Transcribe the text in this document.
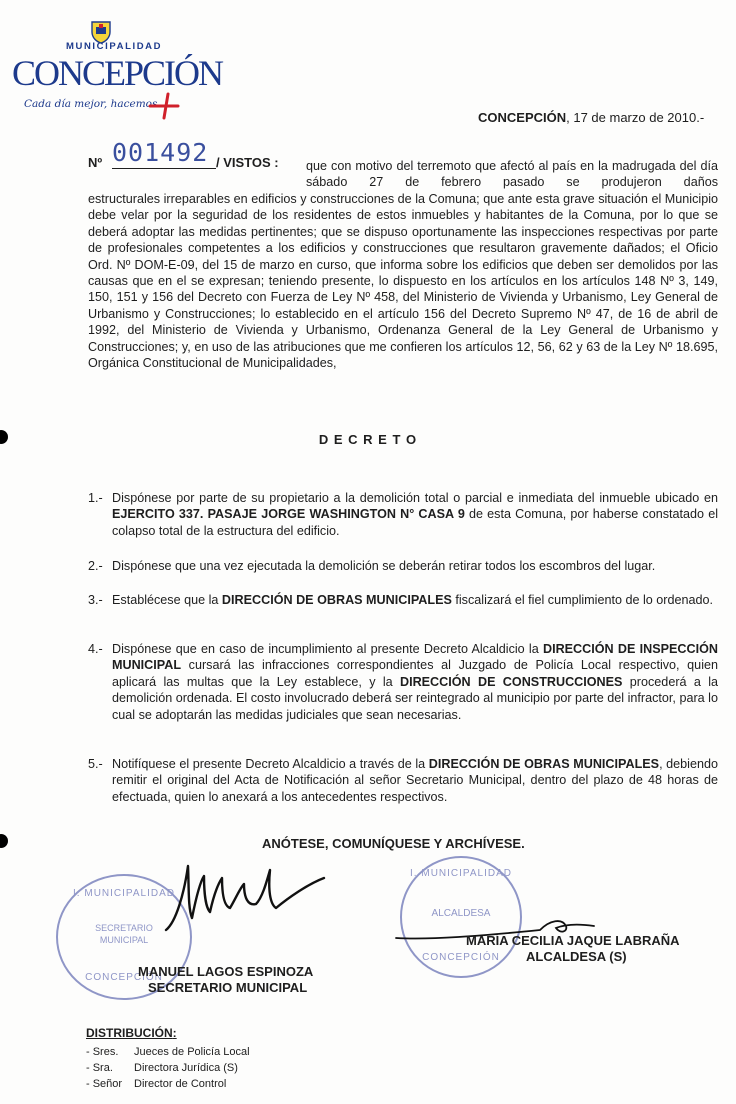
MUNICIPALIDAD
CONCEPCIÓN
Cada día mejor, hacemos
CONCEPCIÓN, 17 de marzo de 2010.-
Nº 001492 / VISTOS : que con motivo del terremoto que afectó al país en la madrugada del día sábado 27 de febrero pasado se produjeron daños
estructurales irreparables en edificios y construcciones de la Comuna; que ante esta grave situación el Municipio debe velar por la seguridad de los residentes de estos inmuebles y habitantes de la Comuna, por lo que se deberá adoptar las medidas pertinentes; que se dispuso oportunamente las inspecciones respectivas por parte de profesionales competentes a los edificios y construcciones que resultaron gravemente dañados; el Oficio Ord. Nº DOM-E-09, del 15 de marzo en curso, que informa sobre los edificios que deben ser demolidos por las causas que en el se expresan; teniendo presente, lo dispuesto en los artículos en los artículos 148 Nº 3, 149, 150, 151 y 156 del Decreto con Fuerza de Ley Nº 458, del Ministerio de Vivienda y Urbanismo, Ley General de Urbanismo y Construcciones; lo establecido en el artículo 156 del Decreto Supremo Nº 47, de 16 de abril de 1992, del Ministerio de Vivienda y Urbanismo, Ordenanza General de la Ley General de Urbanismo y Construcciones; y, en uso de las atribuciones que me confieren los artículos 12, 56, 62 y 63 de la Ley Nº 18.695, Orgánica Constitucional de Municipalidades,
D E C R E T O
1.- Dispónese por parte de su propietario a la demolición total o parcial e inmediata del inmueble ubicado en EJERCITO 337. PASAJE JORGE WASHINGTON N° CASA 9 de esta Comuna, por haberse constatado el colapso total de la estructura del edificio.
2.- Dispónese que una vez ejecutada la demolición se deberán retirar todos los escombros del lugar.
3.- Establécese que la DIRECCIÓN DE OBRAS MUNICIPALES fiscalizará el fiel cumplimiento de lo ordenado.
4.- Dispónese que en caso de incumplimiento al presente Decreto Alcaldicio la DIRECCIÓN DE INSPECCIÓN MUNICIPAL cursará las infracciones correspondientes al Juzgado de Policía Local respectivo, quien aplicará las multas que la Ley establece, y la DIRECCIÓN DE CONSTRUCCIONES procederá a la demolición ordenada. El costo involucrado deberá ser reintegrado al municipio por parte del infractor, para lo cual se adoptarán las medidas judiciales que sean necesarias.
5.- Notifíquese el presente Decreto Alcaldicio a través de la DIRECCIÓN DE OBRAS MUNICIPALES, debiendo remitir el original del Acta de Notificación al señor Secretario Municipal, dentro del plazo de 48 horas de efectuada, quien lo anexará a los antecedentes respectivos.
ANÓTESE, COMUNÍQUESE Y ARCHÍVESE.
I. MUNICIPALIDAD
SECRETARIO MUNICIPAL
CONCEPCIÓN
I. MUNICIPALIDAD
ALCALDESA
CONCEPCIÓN
MANUEL LAGOS ESPINOZA
SECRETARIO MUNICIPAL
MARÍA CECILIA JAQUE LABRAÑA
ALCALDESA (S)
DISTRIBUCIÓN:
- Sres. Jueces de Policía Local
- Sra. Directora Jurídica (S)
- Señor Director de Control
